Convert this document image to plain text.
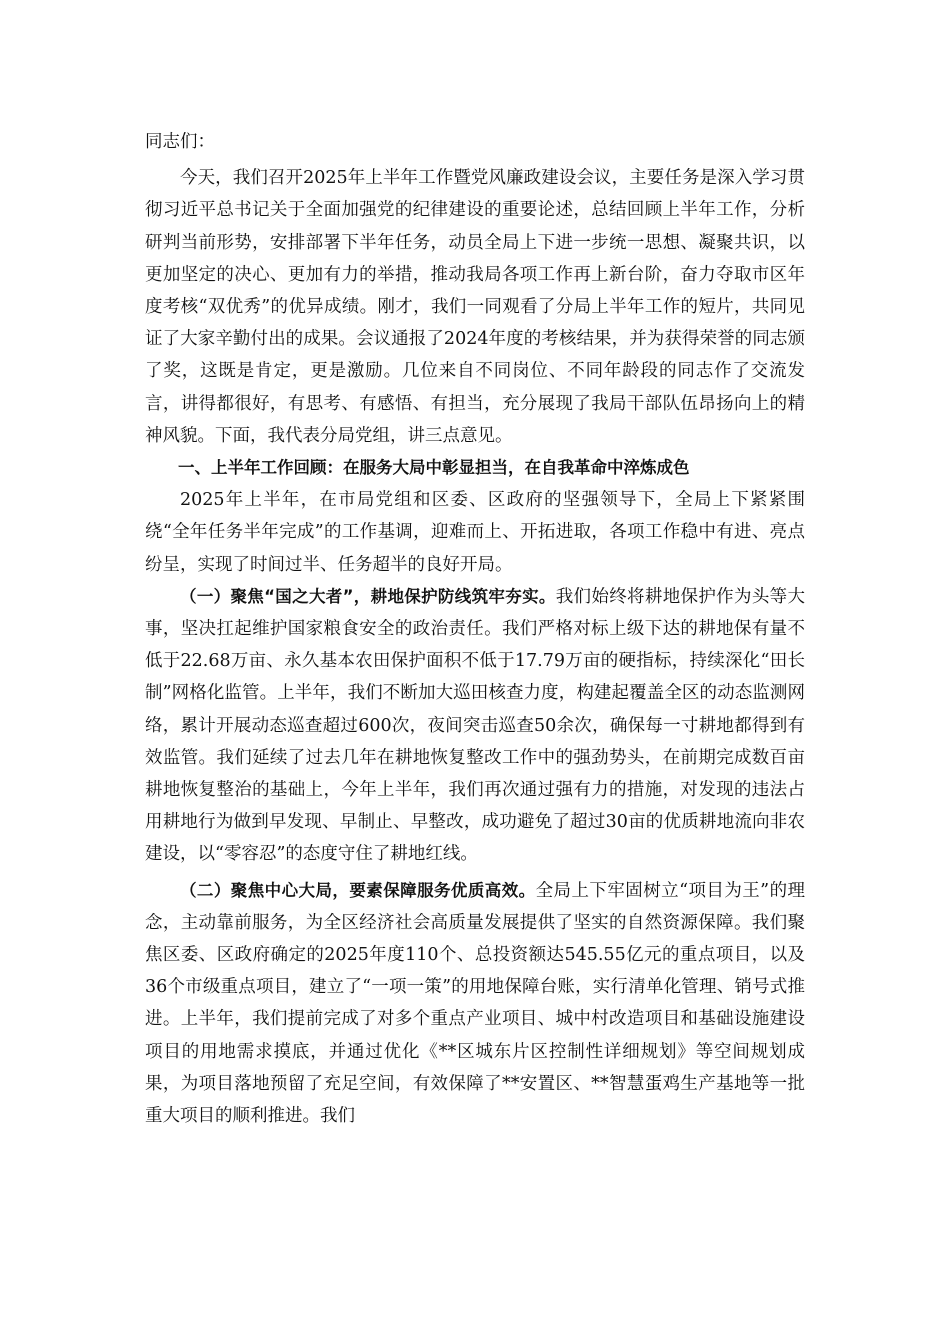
同志们：

今天，我们召开2025年上半年工作暨党风廉政建设会议，主要任务是深入学习贯彻习近平总书记关于全面加强党的纪律建设的重要论述，总结回顾上半年工作，分析研判当前形势，安排部署下半年任务，动员全局上下进一步统一思想、凝聚共识，以更加坚定的决心、更加有力的举措，推动我局各项工作再上新台阶，奋力夺取市区年度考核“双优秀”的优异成绩。刚才，我们一同观看了分局上半年工作的短片，共同见证了大家辛勤付出的成果。会议通报了2024年度的考核结果，并为获得荣誉的同志颁了奖，这既是肯定，更是激励。几位来自不同岗位、不同年龄段的同志作了交流发言，讲得都很好，有思考、有感悟、有担当，充分展现了我局干部队伍昂扬向上的精神风貌。下面，我代表分局党组，讲三点意见。

一、上半年工作回顾：在服务大局中彰显担当，在自我革命中淬炼成色

2025年上半年，在市局党组和区委、区政府的坚强领导下，全局上下紧紧围绕“全年任务半年完成”的工作基调，迎难而上、开拓进取，各项工作稳中有进、亮点纷呈，实现了时间过半、任务超半的良好开局。

（一）聚焦“国之大者”，耕地保护防线筑牢夯实。我们始终将耕地保护作为头等大事，坚决扛起维护国家粮食安全的政治责任。我们严格对标上级下达的耕地保有量不低于22.68万亩、永久基本农田保护面积不低于17.79万亩的硬指标，持续深化“田长制”网格化监管。上半年，我们不断加大巡田核查力度，构建起覆盖全区的动态监测网络，累计开展动态巡查超过600次，夜间突击巡查50余次，确保每一寸耕地都得到有效监管。我们延续了过去几年在耕地恢复整改工作中的强劲势头，在前期完成数百亩耕地恢复整治的基础上，今年上半年，我们再次通过强有力的措施，对发现的违法占用耕地行为做到早发现、早制止、早整改，成功避免了超过30亩的优质耕地流向非农建设，以“零容忍”的态度守住了耕地红线。

（二）聚焦中心大局，要素保障服务优质高效。全局上下牢固树立“项目为王”的理念，主动靠前服务，为全区经济社会高质量发展提供了坚实的自然资源保障。我们聚焦区委、区政府确定的2025年度110个、总投资额达545.55亿元的重点项目，以及36个市级重点项目，建立了“一项一策”的用地保障台账，实行清单化管理、销号式推进。上半年，我们提前完成了对多个重点产业项目、城中村改造项目和基础设施建设项目的用地需求摸底，并通过优化《**区城东片区控制性详细规划》等空间规划成果，为项目落地预留了充足空间，有效保障了**安置区、**智慧蛋鸡生产基地等一批重大项目的顺利推进。我们
